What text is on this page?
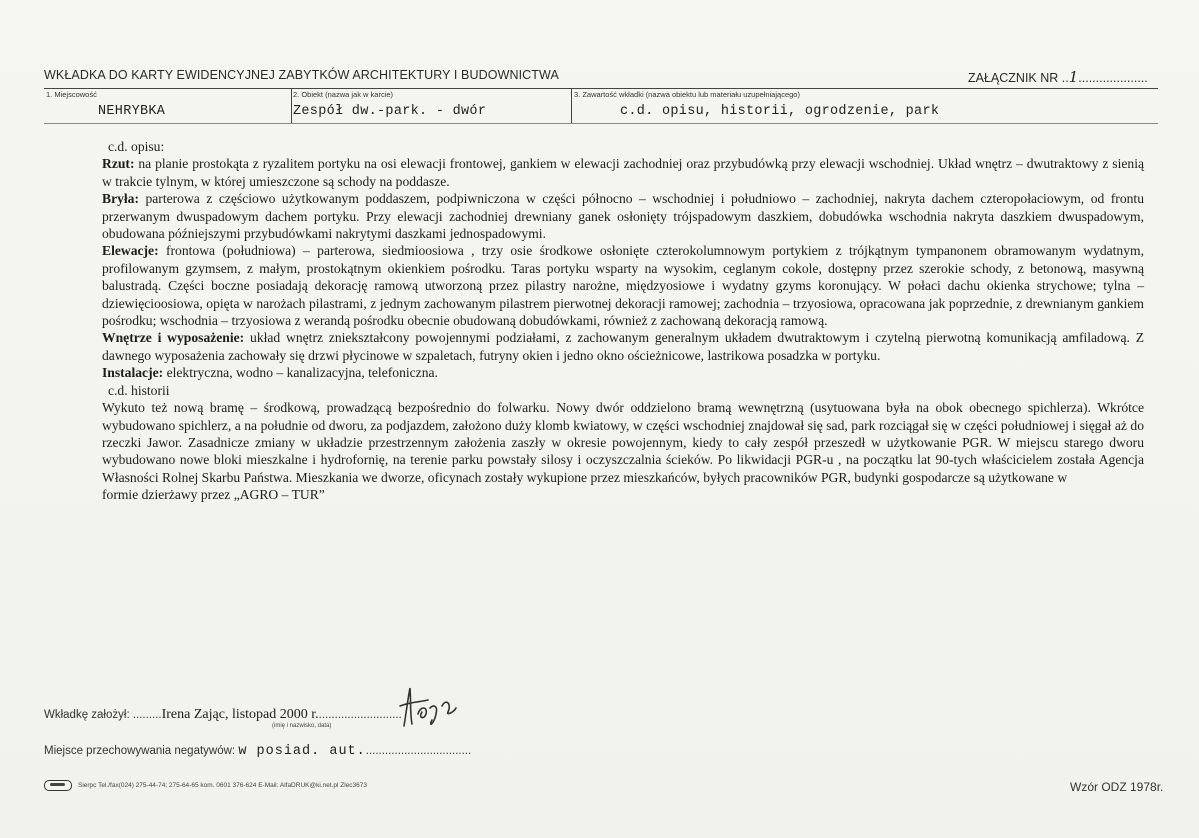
WKŁADKA DO KARTY EWIDENCYJNEJ ZABYTKÓW ARCHITEKTURY I BUDOWNICTWA	ZAŁĄCZNIK NR ..1....................
1. Miejscowość
NEHRYBKA
2. Obiekt (nazwa jak w karcie)
Zespół dw.-park. - dwór
3. Zawartość wkładki (nazwa obiektu lub materiału uzupełniającego)
c.d. opisu, historii, ogrodzenie, park

c.d. opisu:

Rzut: na planie prostokąta z ryzalitem portyku na osi elewacji frontowej, gankiem w elewacji zachodniej oraz przybudówką przy elewacji wschodniej. Układ wnętrz – dwutraktowy z sienią w trakcie tylnym, w której umieszczone są schody na poddasze.

Bryła: parterowa z częściowo użytkowanym poddaszem, podpiwniczona w części północno – wschodniej i południowo – zachodniej, nakryta dachem czteropołaciowym, od frontu przerwanym dwuspadowym dachem portyku. Przy elewacji zachodniej drewniany ganek osłonięty trójspadowym daszkiem, dobudówka wschodnia nakryta daszkiem dwuspadowym, obudowana późniejszymi przybudówkami nakrytymi daszkami jednospadowymi.

Elewacje: frontowa (południowa) – parterowa, siedmioosiowa , trzy osie środkowe osłonięte czterokolumnowym portykiem z trójkątnym tympanonem obramowanym wydatnym, profilowanym gzymsem, z małym, prostokątnym okienkiem pośrodku. Taras portyku wsparty na wysokim, ceglanym cokole, dostępny przez szerokie schody, z betonową, masywną balustradą. Części boczne posiadają dekorację ramową utworzoną przez pilastry narożne, międzyosiowe i wydatny gzyms koronujący. W połaci dachu okienka strychowe; tylna – dziewięcioosiowa, opięta w narożach pilastrami, z jednym zachowanym pilastrem pierwotnej dekoracji ramowej; zachodnia – trzyosiowa, opracowana jak poprzednie, z drewnianym gankiem pośrodku; wschodnia – trzyosiowa z werandą pośrodku obecnie obudowaną dobudówkami, również z zachowaną dekoracją ramową.

Wnętrze i wyposażenie: układ wnętrz zniekształcony powojennymi podziałami, z zachowanym generalnym układem dwutraktowym i czytelną pierwotną komunikacją amfiladową. Z dawnego wyposażenia zachowały się drzwi płycinowe w szpaletach, futryny okien i jedno okno ościeżnicowe, lastrikowa posadzka w portyku.

Instalacje: elektryczna, wodno – kanalizacyjna, telefoniczna.

c.d. historii

Wykuto też nową bramę – środkową, prowadzącą bezpośrednio do folwarku. Nowy dwór oddzielono bramą wewnętrzną (usytuowana była na obok obecnego spichlerza). Wkrótce wybudowano spichlerz, a na południe od dworu, za podjazdem, założono duży klomb kwiatowy, w części wschodniej znajdował się sad, park rozciągał się w części południowej i sięgał aż do rzeczki Jawor. Zasadnicze zmiany w układzie przestrzennym założenia zaszły w okresie powojennym, kiedy to cały zespół przeszedł w użytkowanie PGR. W miejscu starego dworu wybudowano nowe bloki mieszkalne i hydrofornię, na terenie parku powstały silosy i oczyszczalnia ścieków. Po likwidacji PGR-u , na początku lat 90-tych właścicielem została Agencja Własności Rolnej Skarbu Państwa. Mieszkania we dworze, oficynach zostały wykupione przez mieszkańców, byłych pracowników PGR, budynki gospodarcze są użytkowane w

formie dzierżawy przez „AGRO – TUR”

Wkładkę założył: .........Irena Zając, listopad 2000 r...........................
(imię i nazwisko, data)
Miejsce przechowywania negatywów: w posiad. aut..................................
Sierpc Tel./fax(024) 275-44-74; 275-64-65 kom. 0601 376-624 E-Mail: AlfaDRUK@ki.net.pl Zlec3673	Wzór ODZ 1978r.
